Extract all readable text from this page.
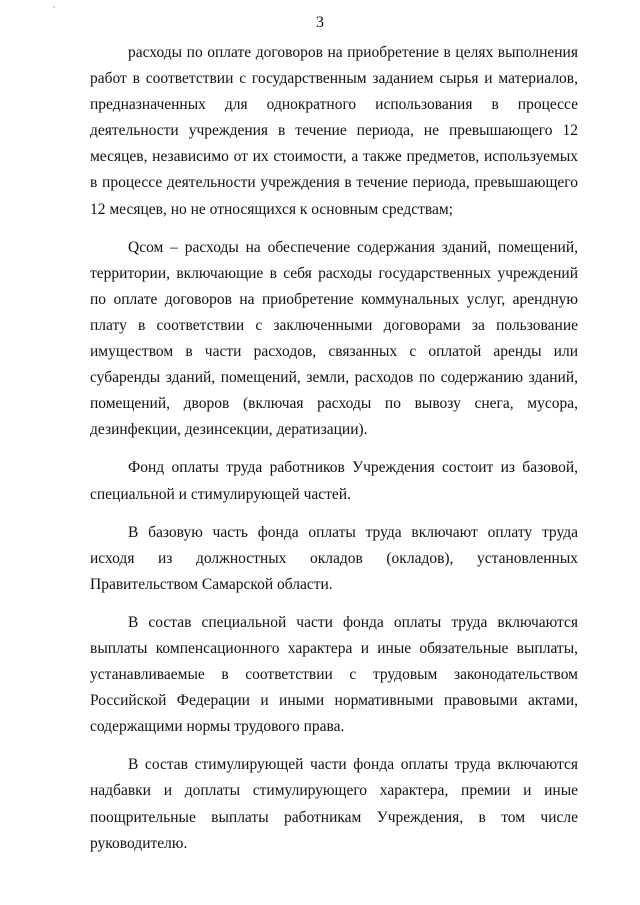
`
3

расходы по оплате договоров на приобретение в целях выполнения работ в соответствии с государственным заданием сырья и материалов, предназначенных для однократного использования в процессе деятельности учреждения в течение периода, не превышающего 12 месяцев, независимо от их стоимости, а также предметов, используемых в процессе деятельности учреждения в течение периода, превышающего 12 месяцев, но не относящихся к основным средствам;

Qсом – расходы на обеспечение содержания зданий, помещений, территории, включающие в себя расходы государственных учреждений по оплате договоров на приобретение коммунальных услуг, арендную плату в соответствии с заключенными договорами за пользование имуществом в части расходов, связанных с оплатой аренды или субаренды зданий, помещений, земли, расходов по содержанию зданий, помещений, дворов (включая расходы по вывозу снега, мусора, дезинфекции, дезинсекции, дератизации).

Фонд оплаты труда работников Учреждения состоит из базовой, специальной и стимулирующей частей.

В базовую часть фонда оплаты труда включают оплату труда исходя из должностных окладов (окладов), установленных Правительством Самарской области.

В состав специальной части фонда оплаты труда включаются выплаты компенсационного характера и иные обязательные выплаты, устанавливаемые в соответствии с трудовым законодательством Российской Федерации и иными нормативными правовыми актами, содержащими нормы трудового права.

В состав стимулирующей части фонда оплаты труда включаются надбавки и доплаты стимулирующего характера, премии и иные поощрительные выплаты работникам Учреждения, в том числе руководителю.
